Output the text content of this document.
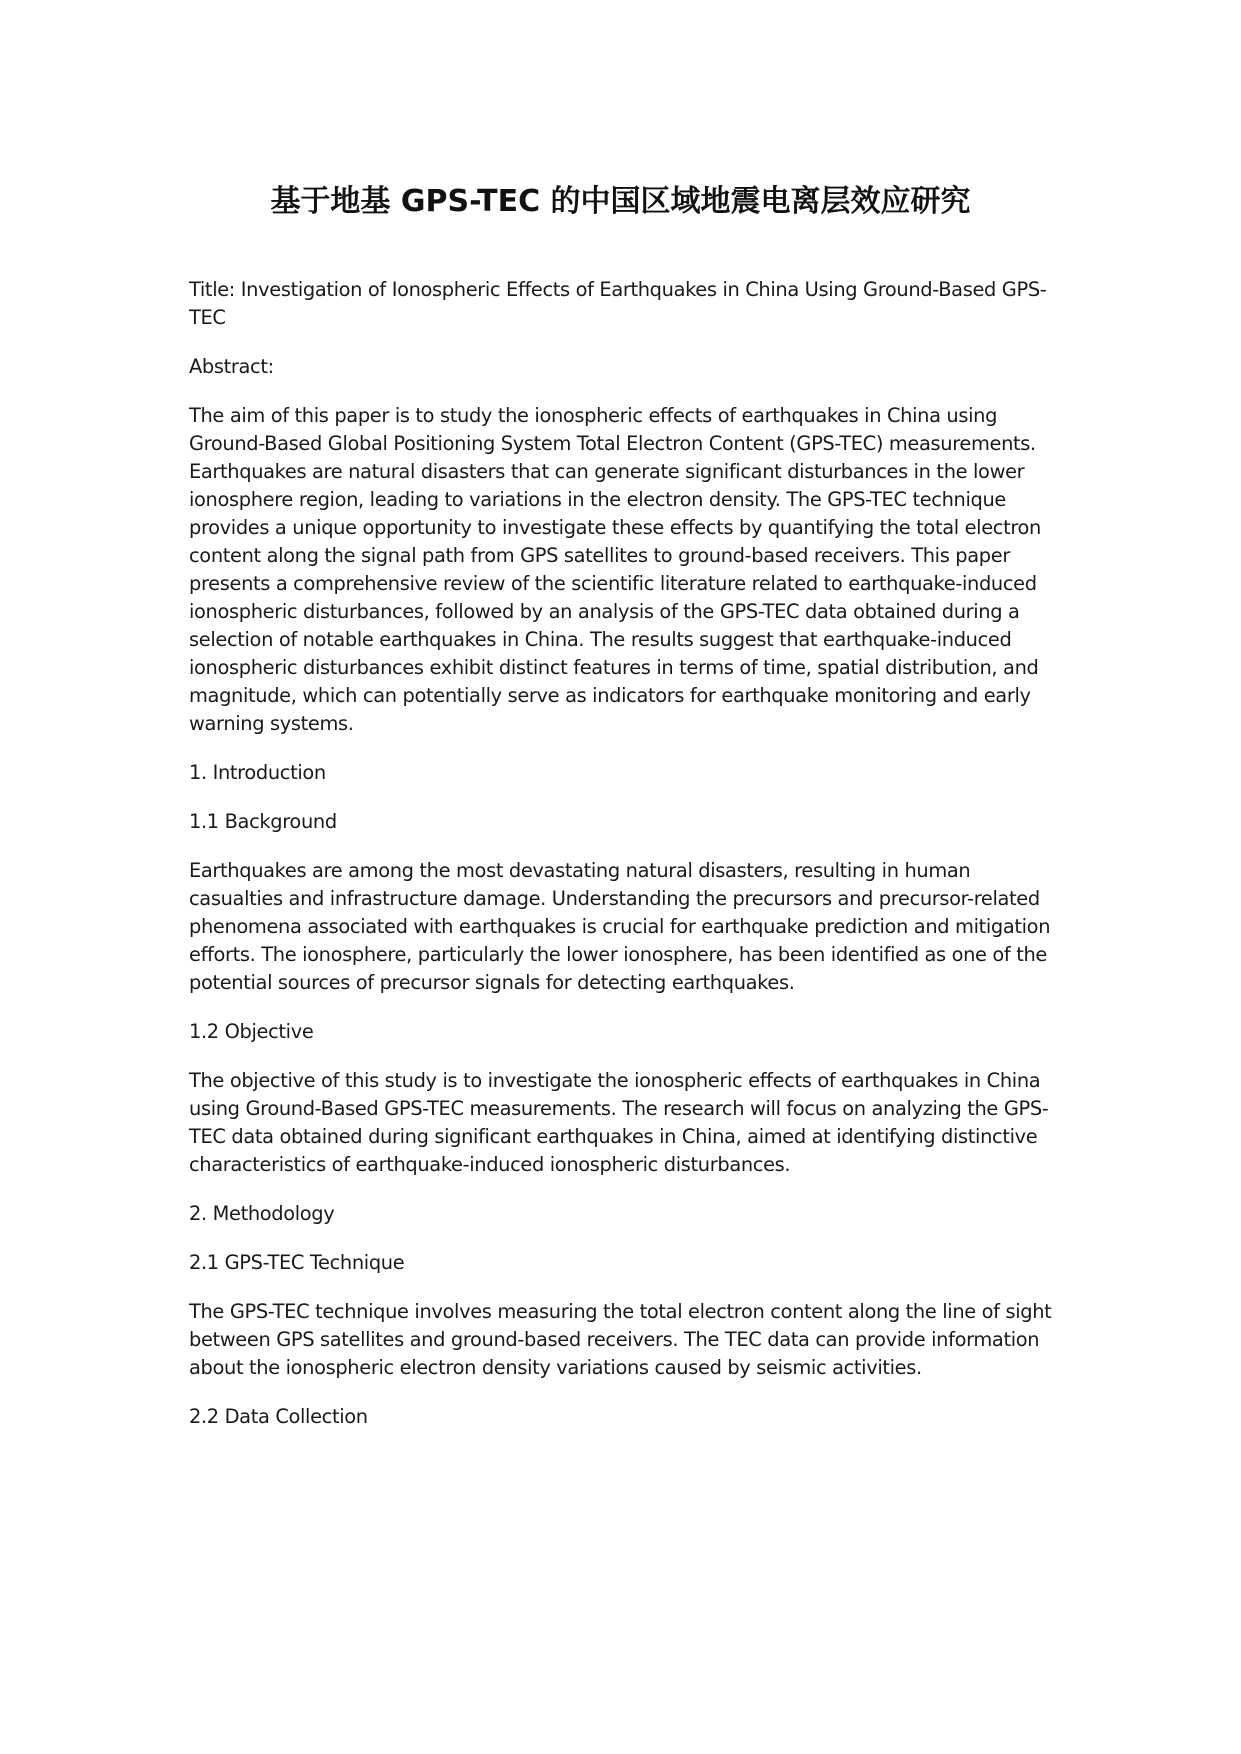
基于地基 GPS-TEC 的中国区域地震电离层效应研究

Title: Investigation of Ionospheric Effects of Earthquakes in China Using Ground-Based GPS-TEC

Abstract:

The aim of this paper is to study the ionospheric effects of earthquakes in China using Ground-Based Global Positioning System Total Electron Content (GPS-TEC) measurements. Earthquakes are natural disasters that can generate significant disturbances in the lower ionosphere region, leading to variations in the electron density. The GPS-TEC technique provides a unique opportunity to investigate these effects by quantifying the total electron content along the signal path from GPS satellites to ground-based receivers. This paper presents a comprehensive review of the scientific literature related to earthquake-induced ionospheric disturbances, followed by an analysis of the GPS-TEC data obtained during a selection of notable earthquakes in China. The results suggest that earthquake-induced ionospheric disturbances exhibit distinct features in terms of time, spatial distribution, and magnitude, which can potentially serve as indicators for earthquake monitoring and early warning systems.

1. Introduction

1.1 Background

Earthquakes are among the most devastating natural disasters, resulting in human casualties and infrastructure damage. Understanding the precursors and precursor-related phenomena associated with earthquakes is crucial for earthquake prediction and mitigation efforts. The ionosphere, particularly the lower ionosphere, has been identified as one of the potential sources of precursor signals for detecting earthquakes.

1.2 Objective

The objective of this study is to investigate the ionospheric effects of earthquakes in China using Ground-Based GPS-TEC measurements. The research will focus on analyzing the GPS-TEC data obtained during significant earthquakes in China, aimed at identifying distinctive characteristics of earthquake-induced ionospheric disturbances.

2. Methodology

2.1 GPS-TEC Technique

The GPS-TEC technique involves measuring the total electron content along the line of sight between GPS satellites and ground-based receivers. The TEC data can provide information about the ionospheric electron density variations caused by seismic activities.

2.2 Data Collection
